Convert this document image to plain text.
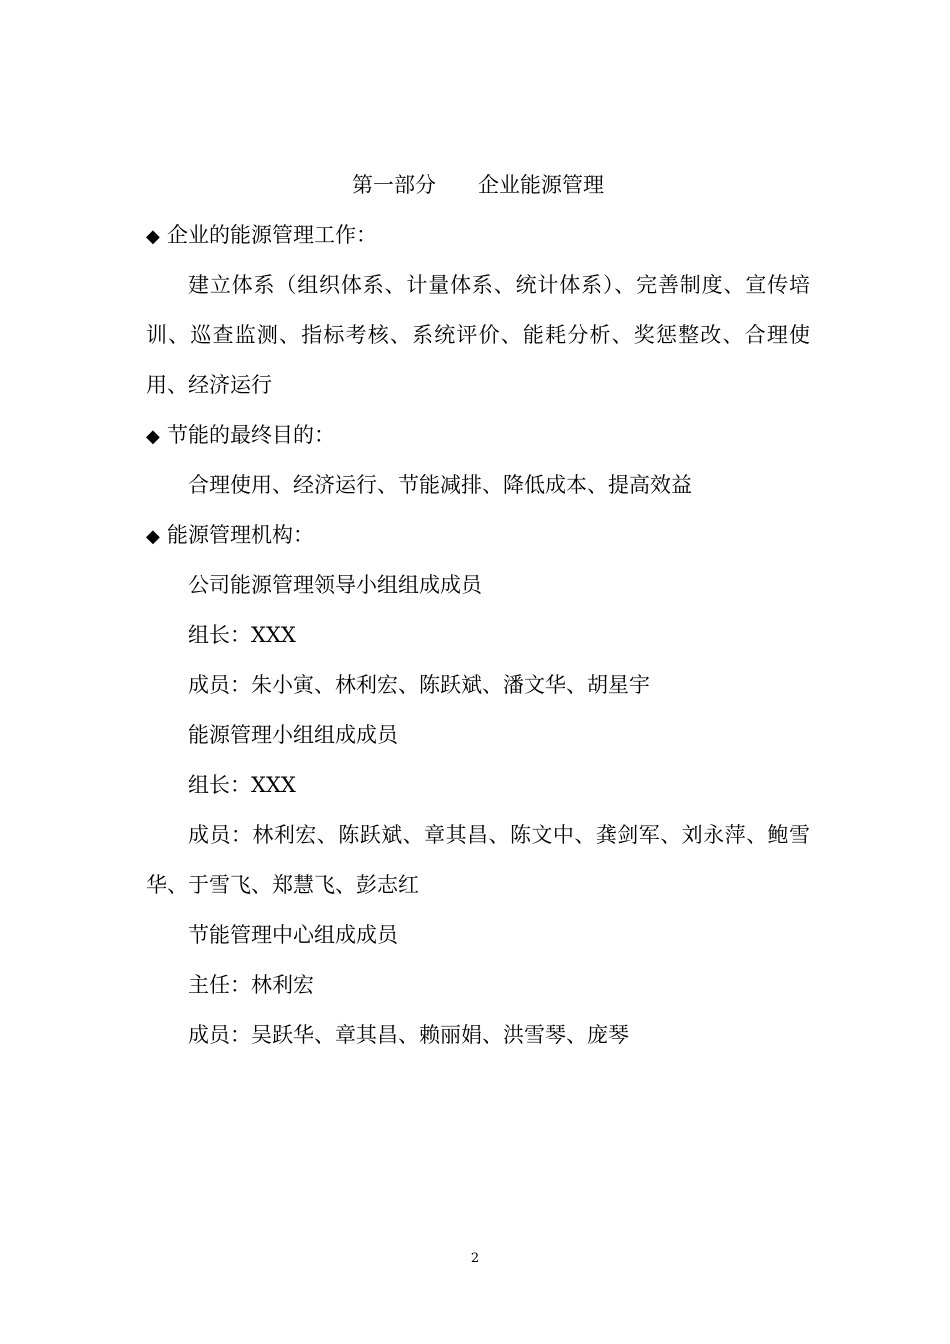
第一部分　　企业能源管理
◆ 企业的能源管理工作：
建立体系（组织体系、计量体系、统计体系）、完善制度、宣传培训、巡查监测、指标考核、系统评价、能耗分析、奖惩整改、合理使用、经济运行
◆ 节能的最终目的：
合理使用、经济运行、节能减排、降低成本、提高效益
◆ 能源管理机构：
公司能源管理领导小组组成成员
组长：XXX
成员：朱小寅、林利宏、陈跃斌、潘文华、胡星宇
能源管理小组组成成员
组长：XXX
成员：林利宏、陈跃斌、章其昌、陈文中、龚剑军、刘永萍、鲍雪华、于雪飞、郑慧飞、彭志红
节能管理中心组成成员
主任：林利宏
成员：吴跃华、章其昌、赖丽娟、洪雪琴、庞琴
2
